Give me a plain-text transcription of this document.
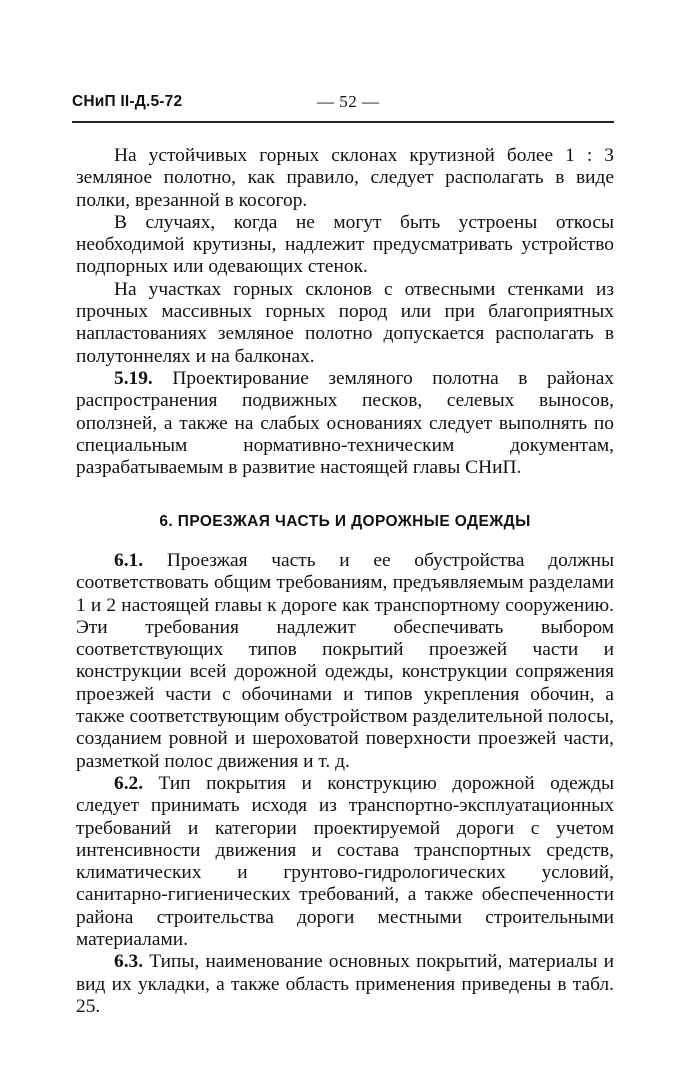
СНиП II-Д.5-72	— 52 —

На устойчивых горных склонах крутизной более 1 : 3 земляное полотно, как правило, следует располагать в виде полки, врезанной в косогор.

В случаях, когда не могут быть устроены откосы необходимой крутизны, надлежит предусматривать устройство подпорных или одевающих стенок.

На участках горных склонов с отвесными стенками из прочных массивных горных пород или при благоприятных напластованиях земляное полотно допускается располагать в полутоннелях и на балконах.

5.19. Проектирование земляного полотна в районах распространения подвижных песков, селевых выносов, оползней, а также на слабых основаниях следует выполнять по специальным нормативно-техническим документам, разрабатываемым в развитие настоящей главы СНиП.

6. ПРОЕЗЖАЯ ЧАСТЬ И ДОРОЖНЫЕ ОДЕЖДЫ

6.1. Проезжая часть и ее обустройства должны соответствовать общим требованиям, предъявляемым разделами 1 и 2 настоящей главы к дороге как транспортному сооружению. Эти требования надлежит обеспечивать выбором соответствующих типов покрытий проезжей части и конструкции всей дорожной одежды, конструкции сопряжения проезжей части с обочинами и типов укрепления обочин, а также соответствующим обустройством разделительной полосы, созданием ровной и шероховатой поверхности проезжей части, разметкой полос движения и т. д.

6.2. Тип покрытия и конструкцию дорожной одежды следует принимать исходя из транспортно-эксплуатационных требований и категории проектируемой дороги с учетом интенсивности движения и состава транспортных средств, климатических и грунтово-гидрологических условий, санитарно-гигиенических требований, а также обеспеченности района строительства дороги местными строительными материалами.

6.3. Типы, наименование основных покрытий, материалы и вид их укладки, а также область применения приведены в табл. 25.
